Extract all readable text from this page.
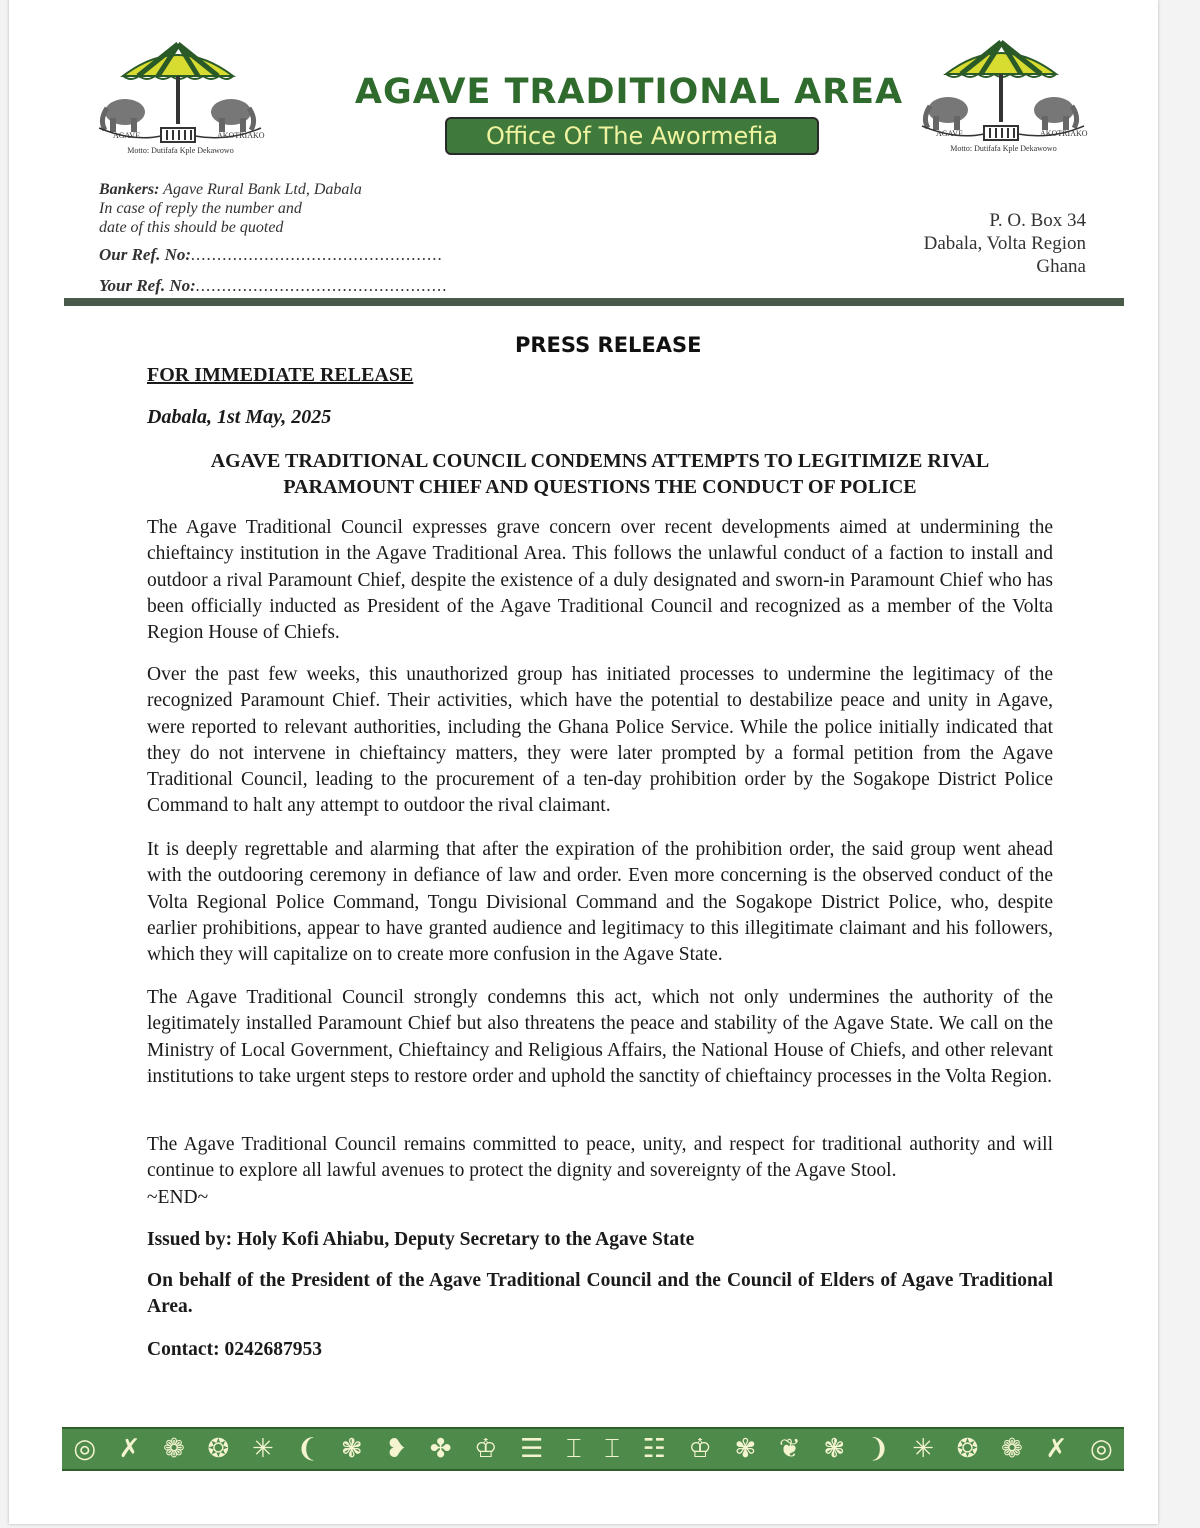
AGAVE	AKOTRIAKO
Motto: Dutifafa Kple Dekawowo
AGAVE	AKOTRIAKO
Motto: Dutifafa Kple Dekawowo
AGAVE TRADITIONAL AREA
Office Of The Awormefia
Bankers: Agave Rural Bank Ltd, Dabala
In case of reply the number and
date of this should be quoted
Our Ref. No:................................................
Your Ref. No:................................................
P. O. Box 34
Dabala, Volta Region
Ghana
PRESS RELEASE
FOR IMMEDIATE RELEASE
Dabala, 1st May, 2025
AGAVE TRADITIONAL COUNCIL CONDEMNS ATTEMPTS TO LEGITIMIZE RIVAL
PARAMOUNT CHIEF AND QUESTIONS THE CONDUCT OF POLICE

The Agave Traditional Council expresses grave concern over recent developments aimed at undermining the chieftaincy institution in the Agave Traditional Area. This follows the unlawful conduct of a faction to install and outdoor a rival Paramount Chief, despite the existence of a duly designated and sworn-in Paramount Chief who has been officially inducted as President of the Agave Traditional Council and recognized as a member of the Volta Region House of Chiefs.

Over the past few weeks, this unauthorized group has initiated processes to undermine the legitimacy of the recognized Paramount Chief. Their activities, which have the potential to destabilize peace and unity in Agave, were reported to relevant authorities, including the Ghana Police Service. While the police initially indicated that they do not intervene in chieftaincy matters, they were later prompted by a formal petition from the Agave Traditional Council, leading to the procurement of a ten-day prohibition order by the Sogakope District Police Command to halt any attempt to outdoor the rival claimant.

It is deeply regrettable and alarming that after the expiration of the prohibition order, the said group went ahead with the outdooring ceremony in defiance of law and order. Even more concerning is the observed conduct of the Volta Regional Police Command, Tongu Divisional Command and the Sogakope District Police, who, despite earlier prohibitions, appear to have granted audience and legitimacy to this illegitimate claimant and his followers, which they will capitalize on to create more confusion in the Agave State.

The Agave Traditional Council strongly condemns this act, which not only undermines the authority of the legitimately installed Paramount Chief but also threatens the peace and stability of the Agave State. We call on the Ministry of Local Government, Chieftaincy and Religious Affairs, the National House of Chiefs, and other relevant institutions to take urgent steps to restore order and uphold the sanctity of chieftaincy processes in the Volta Region.

The Agave Traditional Council remains committed to peace, unity, and respect for traditional authority and will continue to explore all lawful avenues to protect the dignity and sovereignty of the Agave Stool.

~END~

Issued by: Holy Kofi Ahiabu, Deputy Secretary to the Agave State
On behalf of the President of the Agave Traditional Council and the Council of Elders of Agave Traditional Area.
Contact: 0242687953
◎ ✗ ❁ ❂ ✳ ❨ ❃ ❥ ✤ ♔ ☰ ⌶ ⌶ ☷ ♔ ✾ ❦ ❃ ❩ ✳ ❂ ❁ ✗ ◎
